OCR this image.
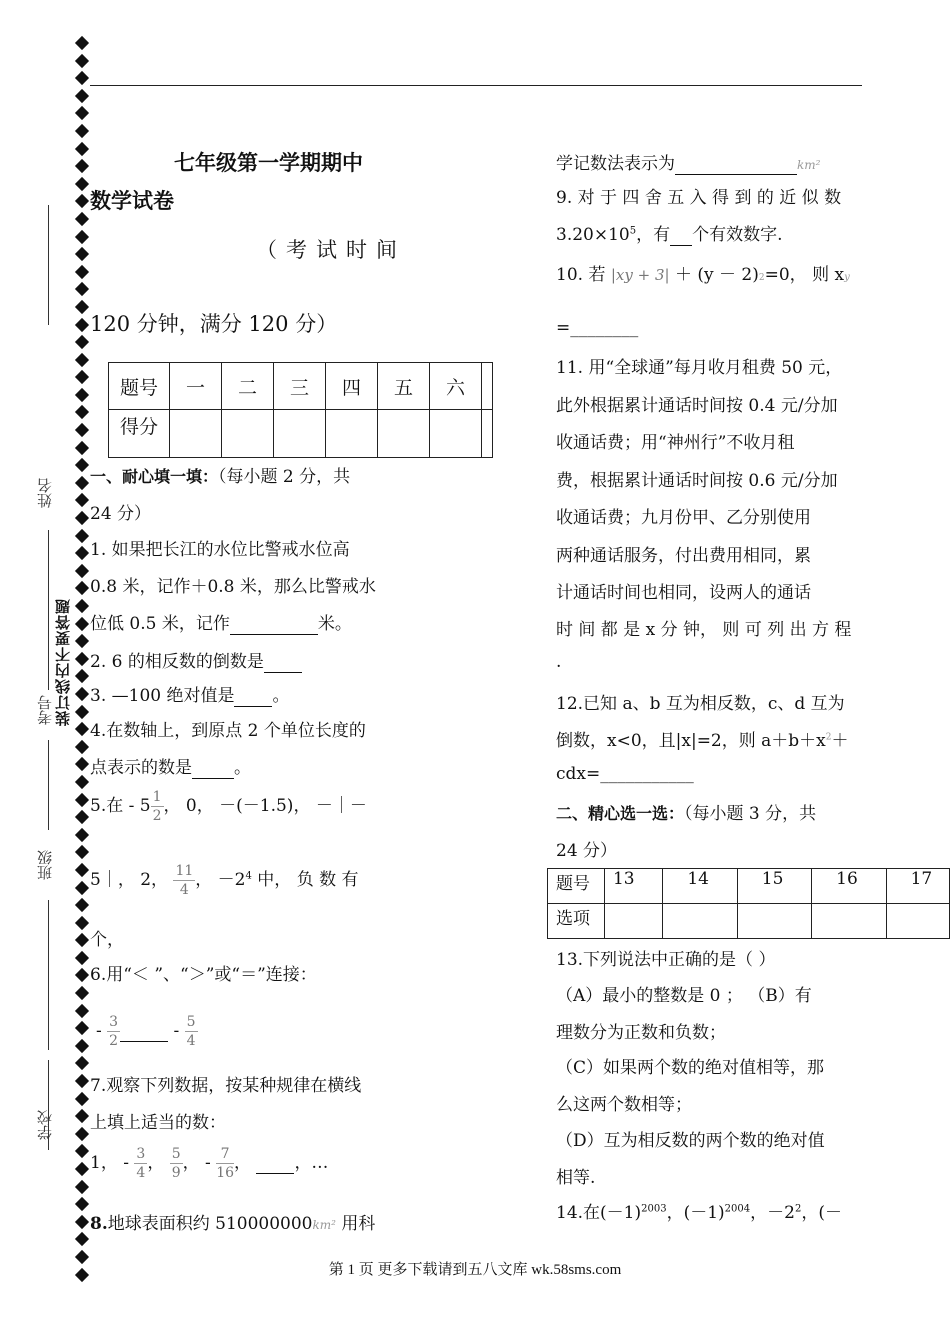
姓名
考号
班级
学校
装订线内不要答题
七年级第一学期期中
数学试卷
（考试时间
120 分钟，满分 120 分）
题号	一	二	三	四	五	六	
得分							
一、耐心填一填：（每小题 2 分，共
24 分）
1. 如果把长江的水位比警戒水位高
0.8 米，记作＋0.8 米，那么比警戒水
位低 0.5 米，记作	米。
2. 6 的相反数的倒数是
3. —100 绝对值是 。
4.在数轴上，到原点 2 个单位长度的
点表示的数是 。
5.在 - $5 \frac{1}{2}$ ， 0， －(－1.5)， －｜－
5｜， 2， $\frac{11}{4}$ ， $-2^4$ 中， 负 数 有
个，
6.用“＜ ”、“＞”或“＝”连接：
- $\frac{3}{2}$	- $\frac{5}{4}$
7.观察下列数据，按某种规律在横线
上填上适当的数：
1， - $\frac{3}{4}$ ， $\frac{5}{9}$ ， - $\frac{7}{16}$ ，	，…
8.地球表面积约 510000000km² 用科
学记数法表示为	km²
9. 对 于 四 舍 五 入 得 到 的 近 似 数
$3.20\times 10^5$，有 个有效数字.
10. 若 |xy + 3| ＋ (y － 2)2=0， 则 xy
=________
11. 用“全球通”每月收月租费 50 元，
此外根据累计通话时间按 0.4 元/分加
收通话费；用“神州行”不收月租
费，根据累计通话时间按 0.6 元/分加
收通话费；九月份甲、乙分别使用
两种通话服务，付出费用相同，累
计通话时间也相同，设两人的通话
时 间 都 是 x 分 钟， 则 可 列 出 方 程
.
12.已知 a、b 互为相反数，c、d 互为
倒数，x<0，且|x|=2，则 $a+b+x^2+$
cdx=___________
二、精心选一选：（每小题 3 分，共
24 分）
题号	13	14	15	16	17
选项					
13.下列说法中正确的是（ ）
（A）最小的整数是 0 ； （B）有
理数分为正数和负数；
（C）如果两个数的绝对值相等，那
么这两个数相等；
（D）互为相反数的两个数的绝对值
相等.
14.在$(-1)^{2003}$，$(-1)^{2004}$，$-2^2$，(－
第 1 页 更多下载请到五八文库 wk.58sms.com
